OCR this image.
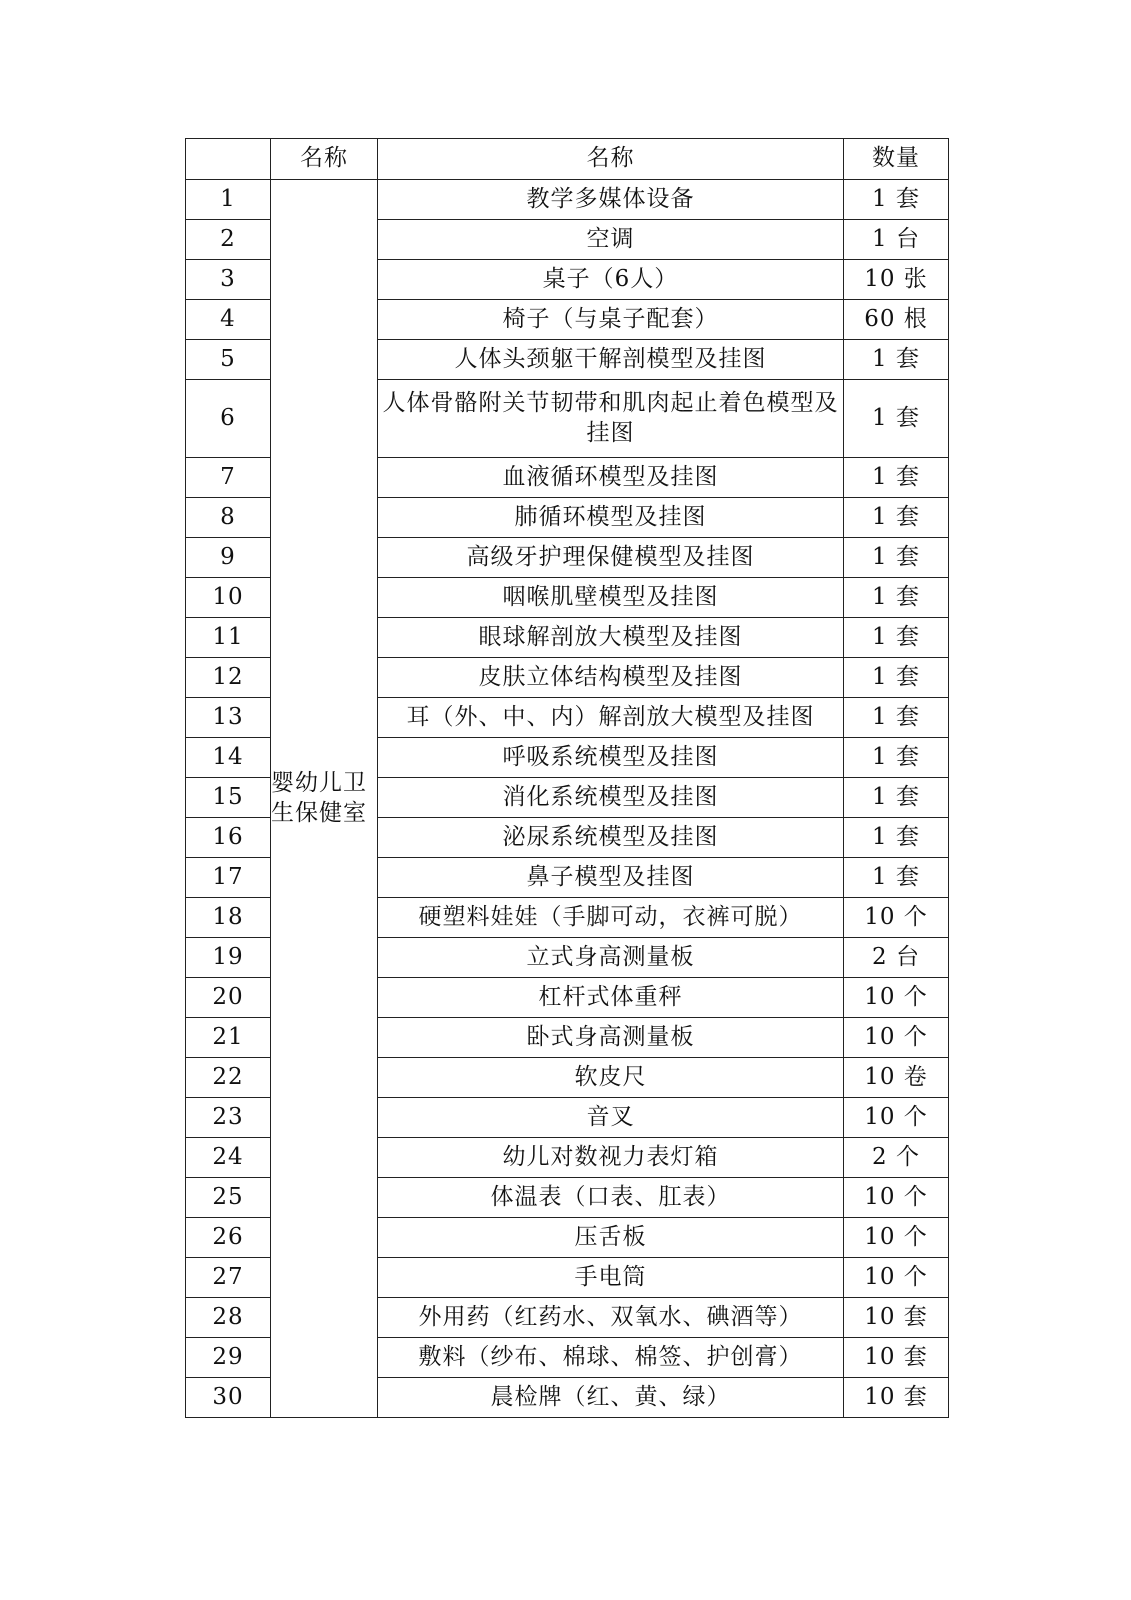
	名称	名称	数量
1	婴幼儿卫生保健室	教学多媒体设备	1 套
2		空调	1 台
3		桌子（6人）	10 张
4		椅子（与桌子配套）	60 根
5		人体头颈躯干解剖模型及挂图	1 套
6		人体骨骼附关节韧带和肌肉起止着色模型及挂图	1 套
7		血液循环模型及挂图	1 套
8		肺循环模型及挂图	1 套
9		高级牙护理保健模型及挂图	1 套
10		咽喉肌壁模型及挂图	1 套
11		眼球解剖放大模型及挂图	1 套
12		皮肤立体结构模型及挂图	1 套
13		耳（外、中、内）解剖放大模型及挂图	1 套
14		呼吸系统模型及挂图	1 套
15		消化系统模型及挂图	1 套
16		泌尿系统模型及挂图	1 套
17		鼻子模型及挂图	1 套
18		硬塑料娃娃（手脚可动，衣裤可脱）	10 个
19		立式身高测量板	2 台
20		杠杆式体重秤	10 个
21		卧式身高测量板	10 个
22		软皮尺	10 卷
23		音叉	10 个
24		幼儿对数视力表灯箱	2 个
25		体温表（口表、肛表）	10 个
26		压舌板	10 个
27		手电筒	10 个
28		外用药（红药水、双氧水、碘酒等）	10 套
29		敷料（纱布、棉球、棉签、护创膏）	10 套
30		晨检牌（红、黄、绿）	10 套
